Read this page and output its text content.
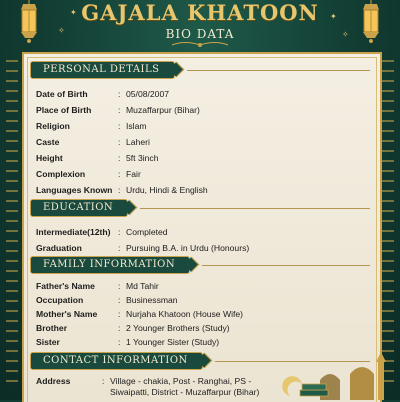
✦	✦
✧	✧
GAJALA KHATOON
BIO DATA
PERSONAL DETAILS
Date of Birth	: 05/08/2007
Place of Birth	: Muzaffarpur (Bihar)
Religion	: Islam
Caste	: Laheri
Height	: 5ft 3inch
Complexion	: Fair
Languages Known : Urdu, Hindi & English
EDUCATION
Intermediate(12th) : Completed
Graduation	: Pursuing B.A. in Urdu (Honours)
FAMILY INFORMATION
Father's Name	: Md Tahir
Occupation	: Businessman
Mother's Name	: Nurjaha Khatoon (House Wife)
Brother	: 2 Younger Brothers (Study)
Sister	: 1 Younger Sister (Study)
CONTACT INFORMATION
Address	: Village - chakia, Post - Ranghai, PS - Siwaipatti, District - Muzaffarpur (Bihar)
